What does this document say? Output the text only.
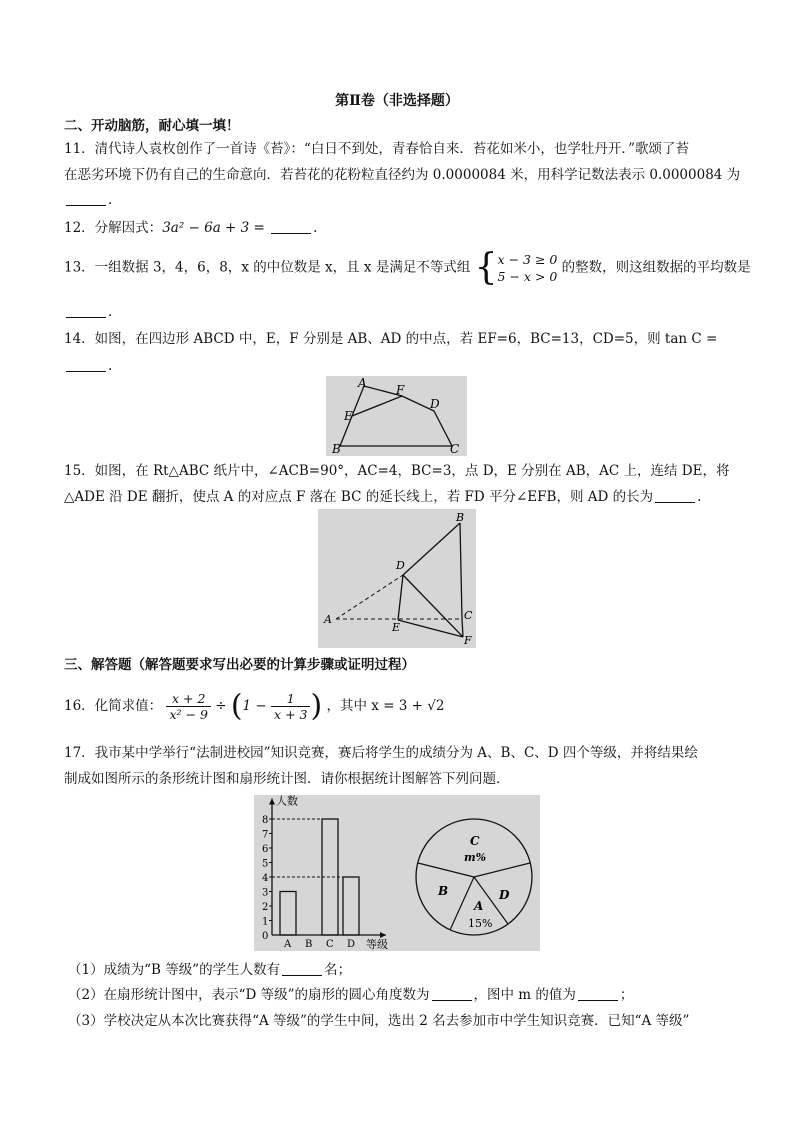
第Ⅱ卷（非选择题）
二、开动脑筋，耐心填一填！
11．清代诗人袁枚创作了一首诗《苔》：“白日不到处，青春恰自来．苔花如米小，也学牡丹开．”歌颂了苔
在恶劣环境下仍有自己的生命意向．若苔花的花粉粒直径约为 0.0000084 米，用科学记数法表示 0.0000084 为
.
12．分解因式：3a² − 6a + 3 =	.
13．一组数据 3，4，6，8，x 的中位数是 x，且 x 是满足不等式组 { x − 3 ≥ 0
5 − x > 0
的整数，则这组数据的平均数是
.
14．如图，在四边形 ABCD 中，E，F 分别是 AB、AD 的中点，若 EF=6，BC=13，CD=5，则 tan C =
.
A F
D
E
B	C
15．如图，在 Rt△ABC 纸片中，∠ACB=90°，AC=4，BC=3，点 D，E 分别在 AB，AC 上，连结 DE，将
△ADE 沿 DE 翻折，使点 A 的对应点 F 落在 BC 的延长线上，若 FD 平分∠EFB，则 AD 的长为	.
B
D
A
E
C
F
三、解答题（解答题要求写出必要的计算步骤或证明过程）
16．化简求值： $\frac{x + 2}{\text{x² − 9}} \div (1 - \frac{1}{x + 3}$ ) ，其中 x = 3 + √2
17．我市某中学举行“法制进校园”知识竞赛，赛后将学生的成绩分为 A、B、C、D 四个等级，并将结果绘
制成如图所示的条形统计图和扇形统计图．请你根据统计图解答下列问题．
0
1
2
3
4
5
6
7
8
A B C D
人数
等级
C
m%
B	D
A
15%
（1）成绩为“B 等级”的学生人数有	名；
（2）在扇形统计图中，表示“D 等级”的扇形的圆心角度数为	，图中 m 的值为	；
（3）学校决定从本次比赛获得“A 等级”的学生中间，选出 2 名去参加市中学生知识竞赛．已知“A 等级”
